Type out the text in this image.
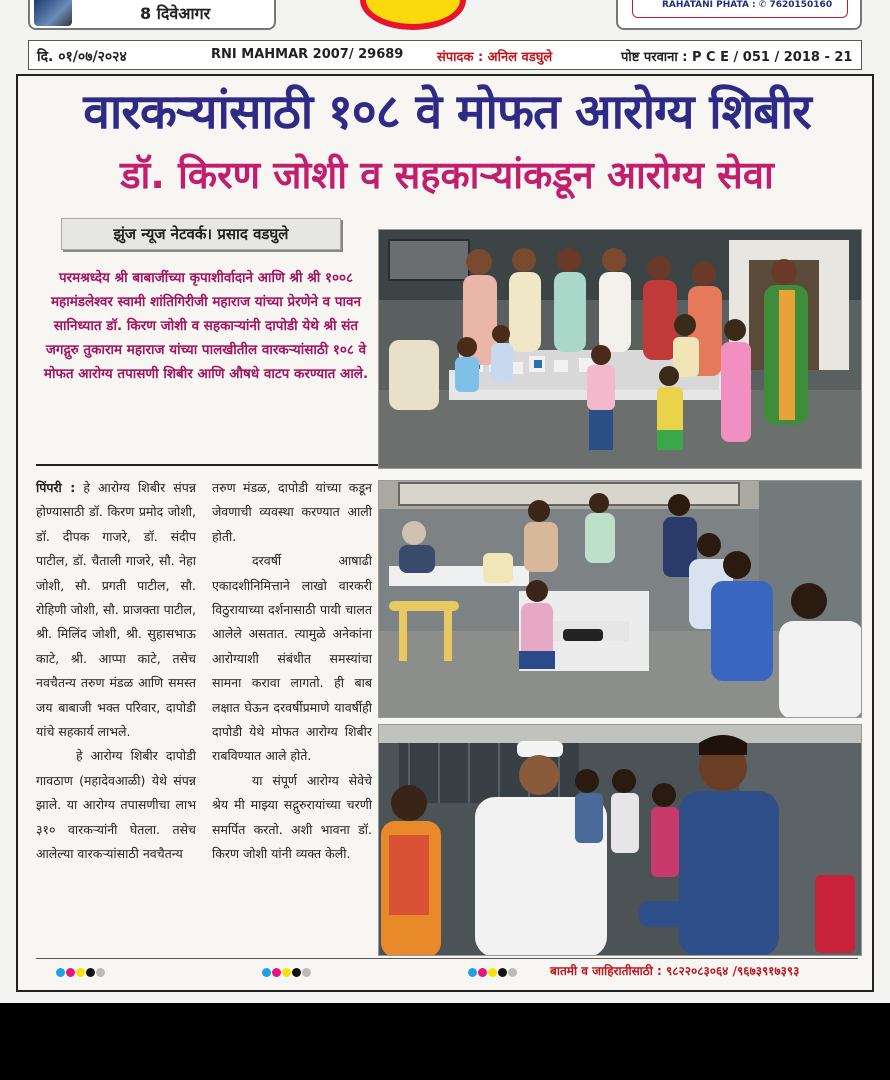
8 दिवेआगर	RAHATANI PHATA : ✆ 7620150160
दि. ०१/०७/२०२४	RNI MAHMAR 2007/ 29689	संपादक : अनिल वडघुले	पोष्ट परवाना : P C E / 051 / 2018 - 21
वारकऱ्यांसाठी १०८ वे मोफत आरोग्य शिबीर
डॉ. किरण जोशी व सहकाऱ्यांकडून आरोग्य सेवा
झुंज न्यूज नेटवर्क। प्रसाद वडघुले
परमश्रध्देय श्री बाबाजींच्या कृपाशीर्वादाने आणि श्री श्री १००८ महामंडलेश्वर स्वामी शांतिगिरीजी महाराज यांच्या प्रेरणेने व पावन सानिध्यात डॉ. किरण जोशी व सहकाऱ्यांनी दापोडी येथे श्री संत जगद्गुरु तुकाराम महाराज यांच्या पालखीतील वारकऱ्यांसाठी १०८ वे मोफत आरोग्य तपासणी शिबीर आणि औषधे वाटप करण्यात आले.

पिंपरी : हे आरोग्य शिबीर संपन्न होण्यासाठी डॉ. किरण प्रमोद जोशी, डॉ. दीपक गाजरे, डॉ. संदीप पाटील, डॉ. चैताली गाजरे, सौ. नेहा जोशी, सौ. प्रगती पाटील, सौ. रोहिणी जोशी, सौ. प्राजक्ता पाटील, श्री. मिलिंद जोशी, श्री. सुहासभाऊ काटे, श्री. आप्पा काटे, तसेच नवचैतन्य तरुण मंडळ आणि समस्त जय बाबाजी भक्त परिवार, दापोडी यांचे सहकार्य लाभले.

हे आरोग्य शिबीर दापोडी गावठाण (महादेवआळी) येथे संपन्न झाले. या आरोग्य तपासणीचा लाभ ३१० वारकऱ्यांनी घेतला. तसेच आलेल्या वारकऱ्यांसाठी नवचैतन्य

तरुण मंडळ, दापोडी यांच्या कडून जेवणाची व्यवस्था करण्यात आली होती.

दरवर्षी आषाढी एकादशीनिमित्ताने लाखो वारकरी विठुरायाच्या दर्शनासाठी पायी चालत आलेले असतात. त्यामुळे अनेकांना आरोग्याशी संबंधीत समस्यांचा सामना करावा लागतो. ही बाब लक्षात घेऊन दरवर्षीप्रमाणे यावर्षीही दापोडी येथे मोफत आरोग्य शिबीर राबविण्यात आले होते.

या संपूर्ण आरोग्य सेवेचे श्रेय मी माझ्या सद्गुरुरायांच्या चरणी समर्पित करतो. अशी भावना डॉ. किरण जोशी यांनी व्यक्त केली.

बातमी व जाहिरातीसाठी : ९८२२०८३०६४ /९६७३९१७३९३
